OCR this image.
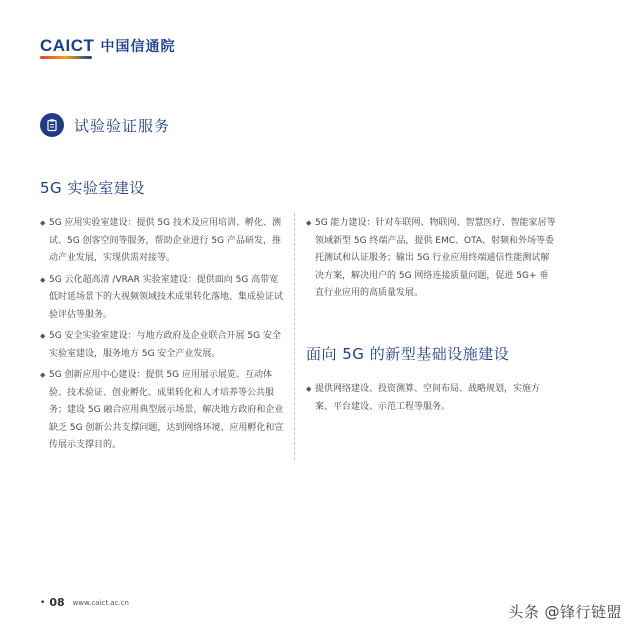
CAICT 中国信通院
试验验证服务
5G 实验室建设
面向 5G 的新型基础设施建设
◆ 5G 应用实验室建设：提供 5G 技术及应用培训、孵化、测试、5G 创客空间等服务，帮助企业进行 5G 产品研发，推动产业发展，实现供需对接等。
◆ 5G 云化超高清 /VRAR 实验室建设：提供面向 5G 高带宽低时延场景下的大视频领域技术成果转化落地、集成验证试验评估等服务。
◆ 5G 安全实验室建设：与地方政府及企业联合开展 5G 安全实验室建设，服务地方 5G 安全产业发展。
◆ 5G 创新应用中心建设：提供 5G 应用展示展览、互动体验、技术验证、创业孵化、成果转化和人才培养等公共服务；建设 5G 融合应用典型展示场景，解决地方政府和企业缺乏 5G 创新公共支撑问题，达到网络环境、应用孵化和宣传展示支撑目的。
◆ 5G 能力建设：针对车联网、物联网、智慧医疗、智能家居等领域新型 5G 终端产品，提供 EMC、OTA、射频和外场等委托测试和认证服务；输出 5G 行业应用终端通信性能测试解决方案，解决用户的 5G 网络连接质量问题，促进 5G+ 垂直行业应用的高质量发展。
◆ 提供网络建设、投资测算、空间布局、战略规划，实施方案、平台建设、示范工程等服务。
• 08 www.caict.ac.cn
头条 @锋行链盟
